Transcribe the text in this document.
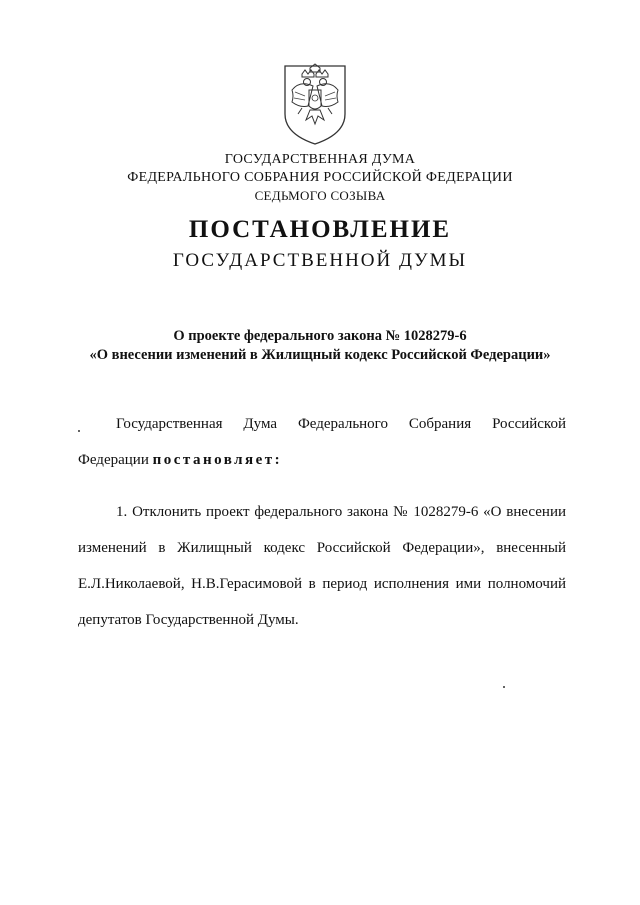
ГОСУДАРСТВЕННАЯ ДУМА
ФЕДЕРАЛЬНОГО СОБРАНИЯ РОССИЙСКОЙ ФЕДЕРАЦИИ
СЕДЬМОГО СОЗЫВА
ПОСТАНОВЛЕНИЕ
ГОСУДАРСТВЕННОЙ ДУМЫ
О проекте федерального закона № 1028279-6
«О внесении изменений в Жилищный кодекс Российской Федерации»
Государственная Дума Федерального Собрания Российской
Федерации постановляет:
1. Отклонить проект федерального закона № 1028279-6 «О внесении
изменений в Жилищный кодекс Российской Федерации», внесенный
Е.Л.Николаевой, Н.В.Герасимовой в период исполнения ими полномочий
депутатов Государственной Думы.
